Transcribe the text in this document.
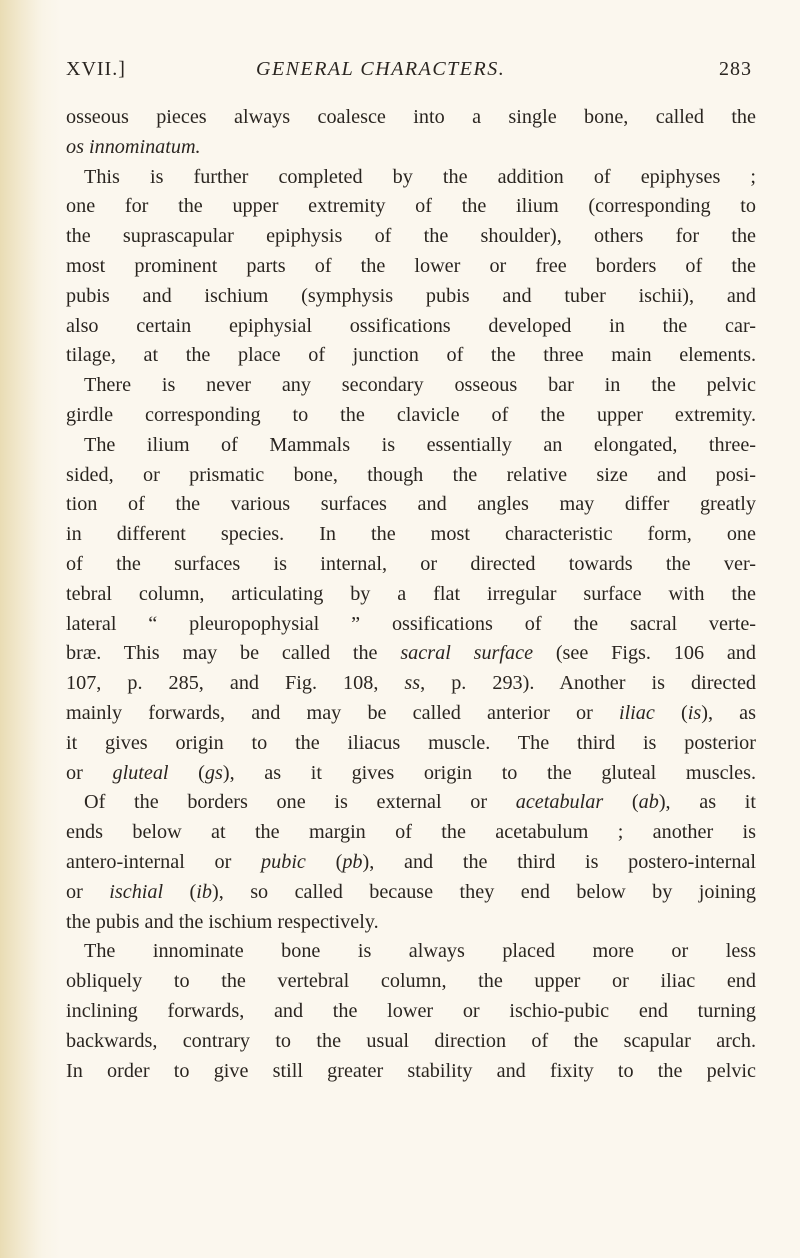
XVII.]	GENERAL CHARACTERS.	283
osseous pieces always coalesce into a single bone, called the
os innominatum.
This is further completed by the addition of epiphyses ;
one for the upper extremity of the ilium (corresponding to
the suprascapular epiphysis of the shoulder), others for the
most prominent parts of the lower or free borders of the
pubis and ischium (symphysis pubis and tuber ischii), and
also certain epiphysial ossifications developed in the car-
tilage, at the place of junction of the three main elements.
There is never any secondary osseous bar in the pelvic
girdle corresponding to the clavicle of the upper extremity.
The ilium of Mammals is essentially an elongated, three-
sided, or prismatic bone, though the relative size and posi-
tion of the various surfaces and angles may differ greatly
in different species. In the most characteristic form, one
of the surfaces is internal, or directed towards the ver-
tebral column, articulating by a flat irregular surface with the
lateral “ pleuropophysial ” ossifications of the sacral verte-
bræ. This may be called the sacral surface (see Figs. 106 and
107, p. 285, and Fig. 108, ss, p. 293). Another is directed
mainly forwards, and may be called anterior or iliac (is), as
it gives origin to the iliacus muscle. The third is posterior
or gluteal (gs), as it gives origin to the gluteal muscles.
Of the borders one is external or acetabular (ab), as it
ends below at the margin of the acetabulum ; another is
antero-internal or pubic (pb), and the third is postero-internal
or ischial (ib), so called because they end below by joining
the pubis and the ischium respectively.
The innominate bone is always placed more or less
obliquely to the vertebral column, the upper or iliac end
inclining forwards, and the lower or ischio-pubic end turning
backwards, contrary to the usual direction of the scapular arch.
In order to give still greater stability and fixity to the pelvic
